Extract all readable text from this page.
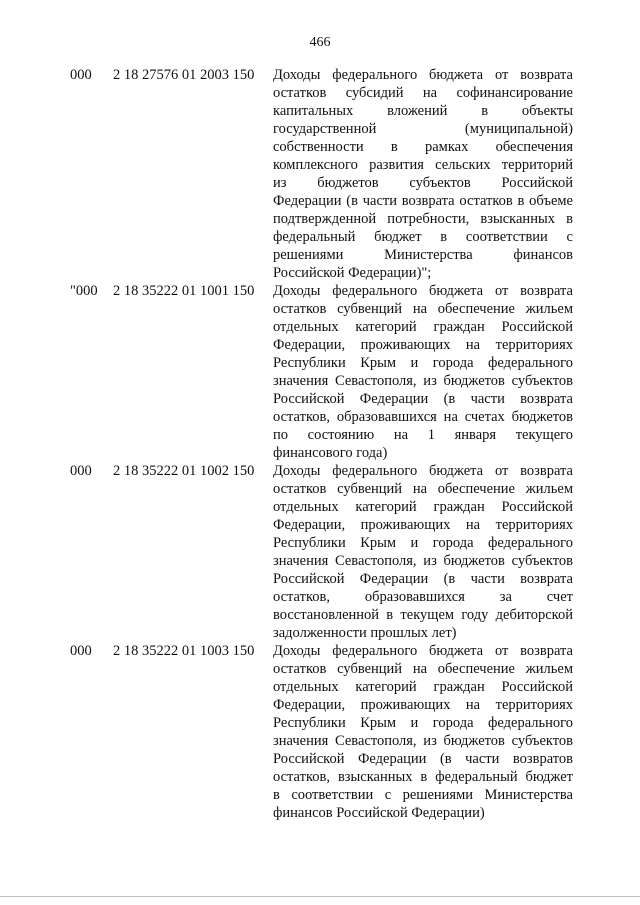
466
000	2 18 27576 01 2003 150	Доходы федерального бюджета от возврата
остатков субсидий на софинансирование
капитальных вложений в объекты
государственной (муниципальной)
собственности в рамках обеспечения
комплексного развития сельских территорий
из бюджетов субъектов Российской
Федерации (в части возврата остатков в объеме
подтвержденной потребности, взысканных в
федеральный бюджет в соответствии с
решениями Министерства финансов
Российской Федерации)";
"000	2 18 35222 01 1001 150	Доходы федерального бюджета от возврата
остатков субвенций на обеспечение жильем
отдельных категорий граждан Российской
Федерации, проживающих на территориях
Республики Крым и города федерального
значения Севастополя, из бюджетов субъектов
Российской Федерации (в части возврата
остатков, образовавшихся на счетах бюджетов
по состоянию на 1 января текущего
финансового года)
000	2 18 35222 01 1002 150	Доходы федерального бюджета от возврата
остатков субвенций на обеспечение жильем
отдельных категорий граждан Российской
Федерации, проживающих на территориях
Республики Крым и города федерального
значения Севастополя, из бюджетов субъектов
Российской Федерации (в части возврата
остатков, образовавшихся за счет
восстановленной в текущем году дебиторской
задолженности прошлых лет)
000	2 18 35222 01 1003 150	Доходы федерального бюджета от возврата
остатков субвенций на обеспечение жильем
отдельных категорий граждан Российской
Федерации, проживающих на территориях
Республики Крым и города федерального
значения Севастополя, из бюджетов субъектов
Российской Федерации (в части возвратов
остатков, взысканных в федеральный бюджет
в соответствии с решениями Министерства
финансов Российской Федерации)
